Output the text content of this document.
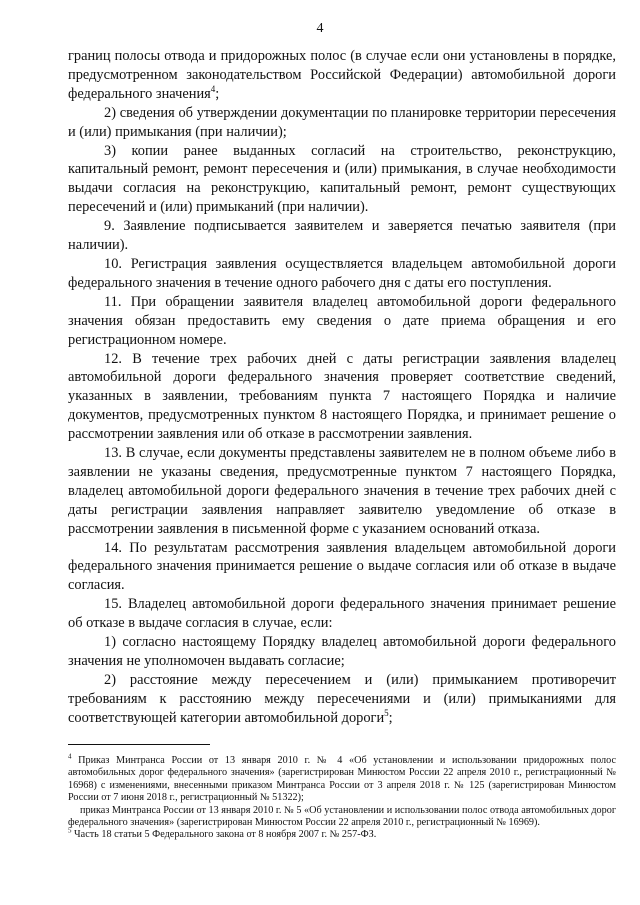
4

границ полосы отвода и придорожных полос (в случае если они установлены в порядке, предусмотренном законодательством Российской Федерации) автомобильной дороги федерального значения$^4$;

2) сведения об утверждении документации по планировке территории пересечения и (или) примыкания (при наличии);

3) копии ранее выданных согласий на строительство, реконструкцию, капитальный ремонт, ремонт пересечения и (или) примыкания, в случае необходимости выдачи согласия на реконструкцию, капитальный ремонт, ремонт существующих пересечений и (или) примыканий (при наличии).

9. Заявление подписывается заявителем и заверяется печатью заявителя (при наличии).

10. Регистрация заявления осуществляется владельцем автомобильной дороги федерального значения в течение одного рабочего дня с даты его поступления.

11. При обращении заявителя владелец автомобильной дороги федерального значения обязан предоставить ему сведения о дате приема обращения и его регистрационном номере.

12. В течение трех рабочих дней с даты регистрации заявления владелец автомобильной дороги федерального значения проверяет соответствие сведений, указанных в заявлении, требованиям пункта 7 настоящего Порядка и наличие документов, предусмотренных пунктом 8 настоящего Порядка, и принимает решение о рассмотрении заявления или об отказе в рассмотрении заявления.

13. В случае, если документы представлены заявителем не в полном объеме либо в заявлении не указаны сведения, предусмотренные пунктом 7 настоящего Порядка, владелец автомобильной дороги федерального значения в течение трех рабочих дней с даты регистрации заявления направляет заявителю уведомление об отказе в рассмотрении заявления в письменной форме с указанием оснований отказа.

14. По результатам рассмотрения заявления владельцем автомобильной дороги федерального значения принимается решение о выдаче согласия или об отказе в выдаче согласия.

15. Владелец автомобильной дороги федерального значения принимает решение об отказе в выдаче согласия в случае, если:

1) согласно настоящему Порядку владелец автомобильной дороги федерального значения не уполномочен выдавать согласие;

2) расстояние между пересечением и (или) примыканием противоречит требованиям к расстоянию между пересечениями и (или) примыканиями для соответствующей категории автомобильной дороги$^5$;

$^4$ Приказ Минтранса России от 13 января 2010 г. № 4 «Об установлении и использовании придорожных полос автомобильных дорог федерального значения» (зарегистрирован Минюстом России 22 апреля 2010 г., регистрационный № 16968) с изменениями, внесенными приказом Минтранса России от 3 апреля 2018 г. № 125 (зарегистрирован Минюстом России от 7 июня 2018 г., регистрационный № 51322);

приказ Минтранса России от 13 января 2010 г. № 5 «Об установлении и использовании полос отвода автомобильных дорог федерального значения» (зарегистрирован Минюстом России 22 апреля 2010 г., регистрационный № 16969).

$^5$ Часть 18 статьи 5 Федерального закона от 8 ноября 2007 г. № 257-ФЗ.
